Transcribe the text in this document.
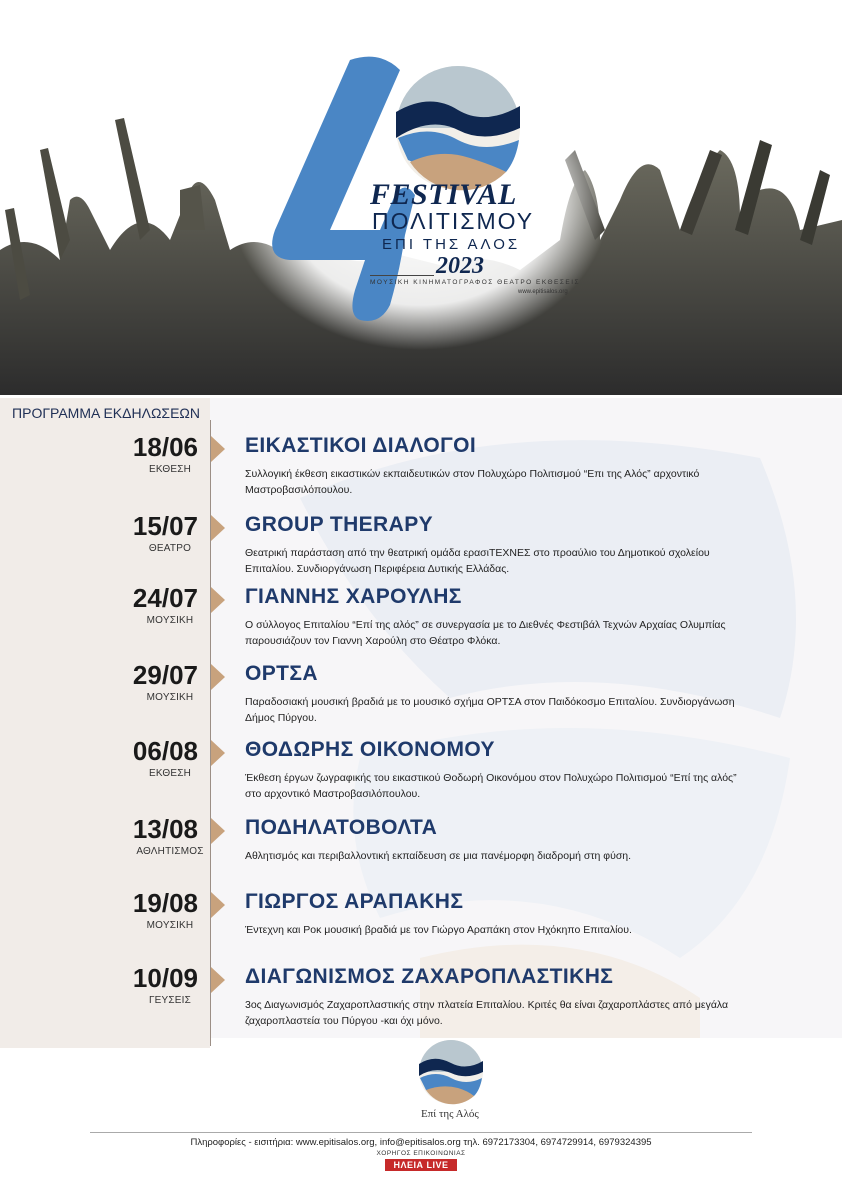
FESTIVAL
ΠΟΛΙΤΙΣΜΟΥ
ΕΠΙ ΤΗΣ ΑΛΟΣ
2023
ΜΟΥΣΙΚΗ ΚΙΝΗΜΑΤΟΓΡΑΦΟΣ ΘΕΑΤΡΟ ΕΚΘΕΣΕΙΣ
www.epitisalos.org
ΠΡΟΓΡΑΜΜΑ ΕΚΔΗΛΩΣΕΩΝ
18/06
ΕΚΘΕΣΗ
ΕΙΚΑΣΤΙΚΟΙ ΔΙΑΛΟΓΟΙ
Συλλογική έκθεση εικαστικών εκπαιδευτικών στον Πολυχώρο Πολιτισμού “Επι της Αλός” αρχοντικό Μαστροβασιλόπουλου.
15/07
ΘΕΑΤΡΟ
GROUP THERAPY
Θεατρική παράσταση από την θεατρική ομάδα ερασιΤΕΧΝΕΣ στο προαύλιο του Δημοτικού σχολείου Επιταλίου. Συνδιοργάνωση Περιφέρεια Δυτικής Ελλάδας.
24/07
ΜΟΥΣΙΚΗ
ΓΙΑΝΝΗΣ ΧΑΡΟΥΛΗΣ
Ο σύλλογος Επιταλίου “Επί της αλός” σε συνεργασία με το Διεθνές Φεστιβάλ Τεχνών Αρχαίας Ολυμπίας παρουσιάζουν τον Γιαννη Χαρούλη στο Θέατρο Φλόκα.
29/07
ΜΟΥΣΙΚΗ
ΟΡΤΣΑ
Παραδοσιακή μουσική βραδιά με το μουσικό σχήμα ΟΡΤΣΑ στον Παιδόκοσμο Επιταλίου. Συνδιοργάνωση Δήμος Πύργου.
06/08
ΕΚΘΕΣΗ
ΘΟΔΩΡΗΣ ΟΙΚΟΝΟΜΟΥ
Έκθεση έργων ζωγραφικής του εικαστικού Θοδωρή Οικονόμου στον Πολυχώρο Πολιτισμού “Επί της αλός” στο αρχοντικό Μαστροβασιλόπουλου.
13/08
ΑΘΛΗΤΙΣΜΟΣ
ΠΟΔΗΛΑΤΟΒΟΛΤΑ
Αθλητισμός και περιβαλλοντική εκπαίδευση σε μια πανέμορφη διαδρομή στη φύση.
19/08
ΜΟΥΣΙΚΗ
ΓΙΩΡΓΟΣ ΑΡΑΠΑΚΗΣ
Έντεχνη και Ροκ μουσική βραδιά με τον Γιώργο Αραπάκη στον Ηχόκηπο Επιταλίου.
10/09
ΓΕΥΣΕΙΣ
ΔΙΑΓΩΝΙΣΜΟΣ ΖΑΧΑΡΟΠΛΑΣΤΙΚΗΣ
3ος Διαγωνισμός Ζαχαροπλαστικής στην πλατεία Επιταλίου. Κριτές θα είναι ζαχαροπλάστες από μεγάλα ζαχαροπλαστεία του Πύργου -και όχι μόνο.
Επί της Αλός
Πληροφορίες - εισιτήρια: www.epitisalos.org, info@epitisalos.org τηλ. 6972173304, 6974729914, 6979324395
ΧΟΡΗΓΟΣ ΕΠΙΚΟΙΝΩΝΙΑΣ
ΗΛΕΙΑ LIVE
